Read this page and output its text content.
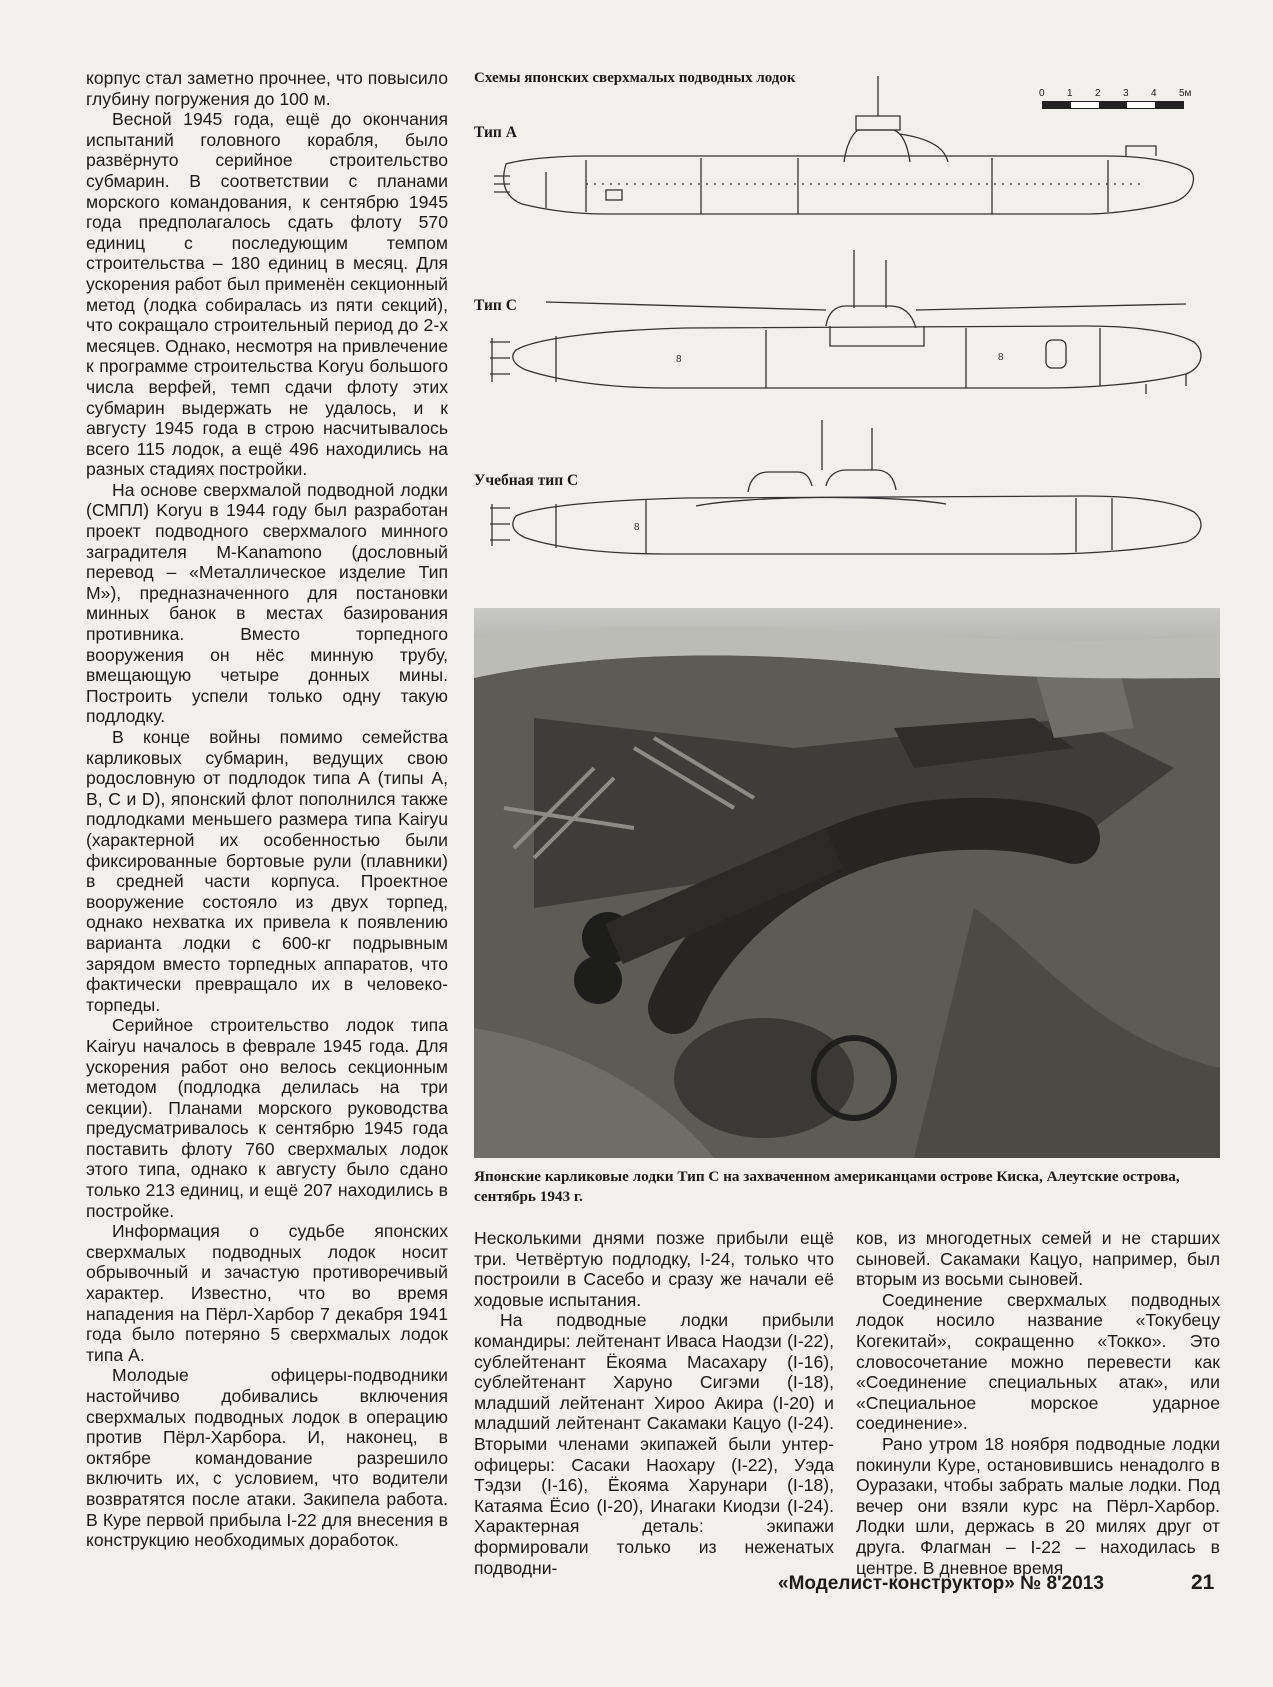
корпус стал заметно прочнее, что повысило глубину погружения до 100 м.

Весной 1945 года, ещё до окончания испытаний головного корабля, было развёрнуто серийное строительство субмарин. В соответствии с планами морского командования, к сентябрю 1945 года предполагалось сдать флоту 570 единиц с последующим темпом строительства – 180 единиц в месяц. Для ускорения работ был применён секционный метод (лодка собиралась из пяти секций), что сокращало строительный период до 2-х месяцев. Однако, несмотря на привлечение к программе строительства Koryu большого числа верфей, темп сдачи флоту этих субмарин выдержать не удалось, и к августу 1945 года в строю насчитывалось всего 115 лодок, а ещё 496 находились на разных стадиях постройки.

На основе сверхмалой подводной лодки (СМПЛ) Koryu в 1944 году был разработан проект подводного сверхмалого минного заградителя M-Kanamono (дословный перевод – «Металлическое изделие Тип М»), предназначенного для постановки минных банок в местах базирования противника. Вместо торпедного вооружения он нёс минную трубу, вмещающую четыре донных мины. Построить успели только одну такую подлодку.

В конце войны помимо семейства карликовых субмарин, ведущих свою родословную от подлодок типа А (типы А, В, С и D), японский флот пополнился также подлодками меньшего размера типа Kairyu (характерной их особенностью были фиксированные бортовые рули (плавники) в средней части корпуса. Проектное вооружение состояло из двух торпед, однако нехватка их привела к появлению варианта лодки с 600-кг подрывным зарядом вместо торпедных аппаратов, что фактически превращало их в человеко-торпеды.

Серийное строительство лодок типа Kairyu началось в феврале 1945 года. Для ускорения работ оно велось секционным методом (подлодка делилась на три секции). Планами морского руководства предусматривалось к сентябрю 1945 года поставить флоту 760 сверхмалых лодок этого типа, однако к августу было сдано только 213 единиц, и ещё 207 находились в постройке.

Информация о судьбе японских сверхмалых подводных лодок носит обрывочный и зачастую противоречивый характер. Известно, что во время нападения на Пёрл-Харбор 7 декабря 1941 года было потеряно 5 сверхмалых лодок типа А.

Молодые офицеры-подводники настойчиво добивались включения сверхмалых подводных лодок в операцию против Пёрл-Харбора. И, наконец, в октябре командование разрешило включить их, с условием, что водители возвратятся после атаки. Закипела работа. В Куре первой прибыла I-22 для внесения в конструкцию необходимых доработок.

Схемы японских сверхмалых подводных лодок

0 1 2 3 4 5м

Тип А

Тип С

Учебная тип С

8	8
8

Японские карликовые лодки Тип С на захваченном американцами острове Киска, Алеутские острова, сентябрь 1943 г.

Несколькими днями позже прибыли ещё три. Четвёртую подлодку, I-24, только что построили в Сасебо и сразу же начали её ходовые испытания.

На подводные лодки прибыли командиры: лейтенант Иваса Наодзи (I-22), сублейтенант Ёкояма Масахару (I-16), сублейтенант Харуно Сигэми (I-18), младший лейтенант Хироо Акира (I-20) и младший лейтенант Сакамаки Кацуо (I-24). Вторыми членами экипажей были унтер-офицеры: Сасаки Наохару (I-22), Уэда Тэдзи (I-16), Ёкояма Харунари (I-18), Катаяма Ёсио (I-20), Инагаки Киодзи (I-24). Характерная деталь: экипажи формировали только из неженатых подводни-

ков, из многодетных семей и не старших сыновей. Сакамаки Кацуо, например, был вторым из восьми сыновей.

Соединение сверхмалых подводных лодок носило название «Токубецу Когекитай», сокращенно «Токко». Это словосочетание можно перевести как «Соединение специальных атак», или «Специальное морское ударное соединение».

Рано утром 18 ноября подводные лодки покинули Куре, остановившись ненадолго в Оуразаки, чтобы забрать малые лодки. Под вечер они взяли курс на Пёрл-Харбор. Лодки шли, держась в 20 милях друг от друга. Флагман – I-22 – находилась в центре. В дневное время

«Моделист-конструктор» № 8'2013	21
